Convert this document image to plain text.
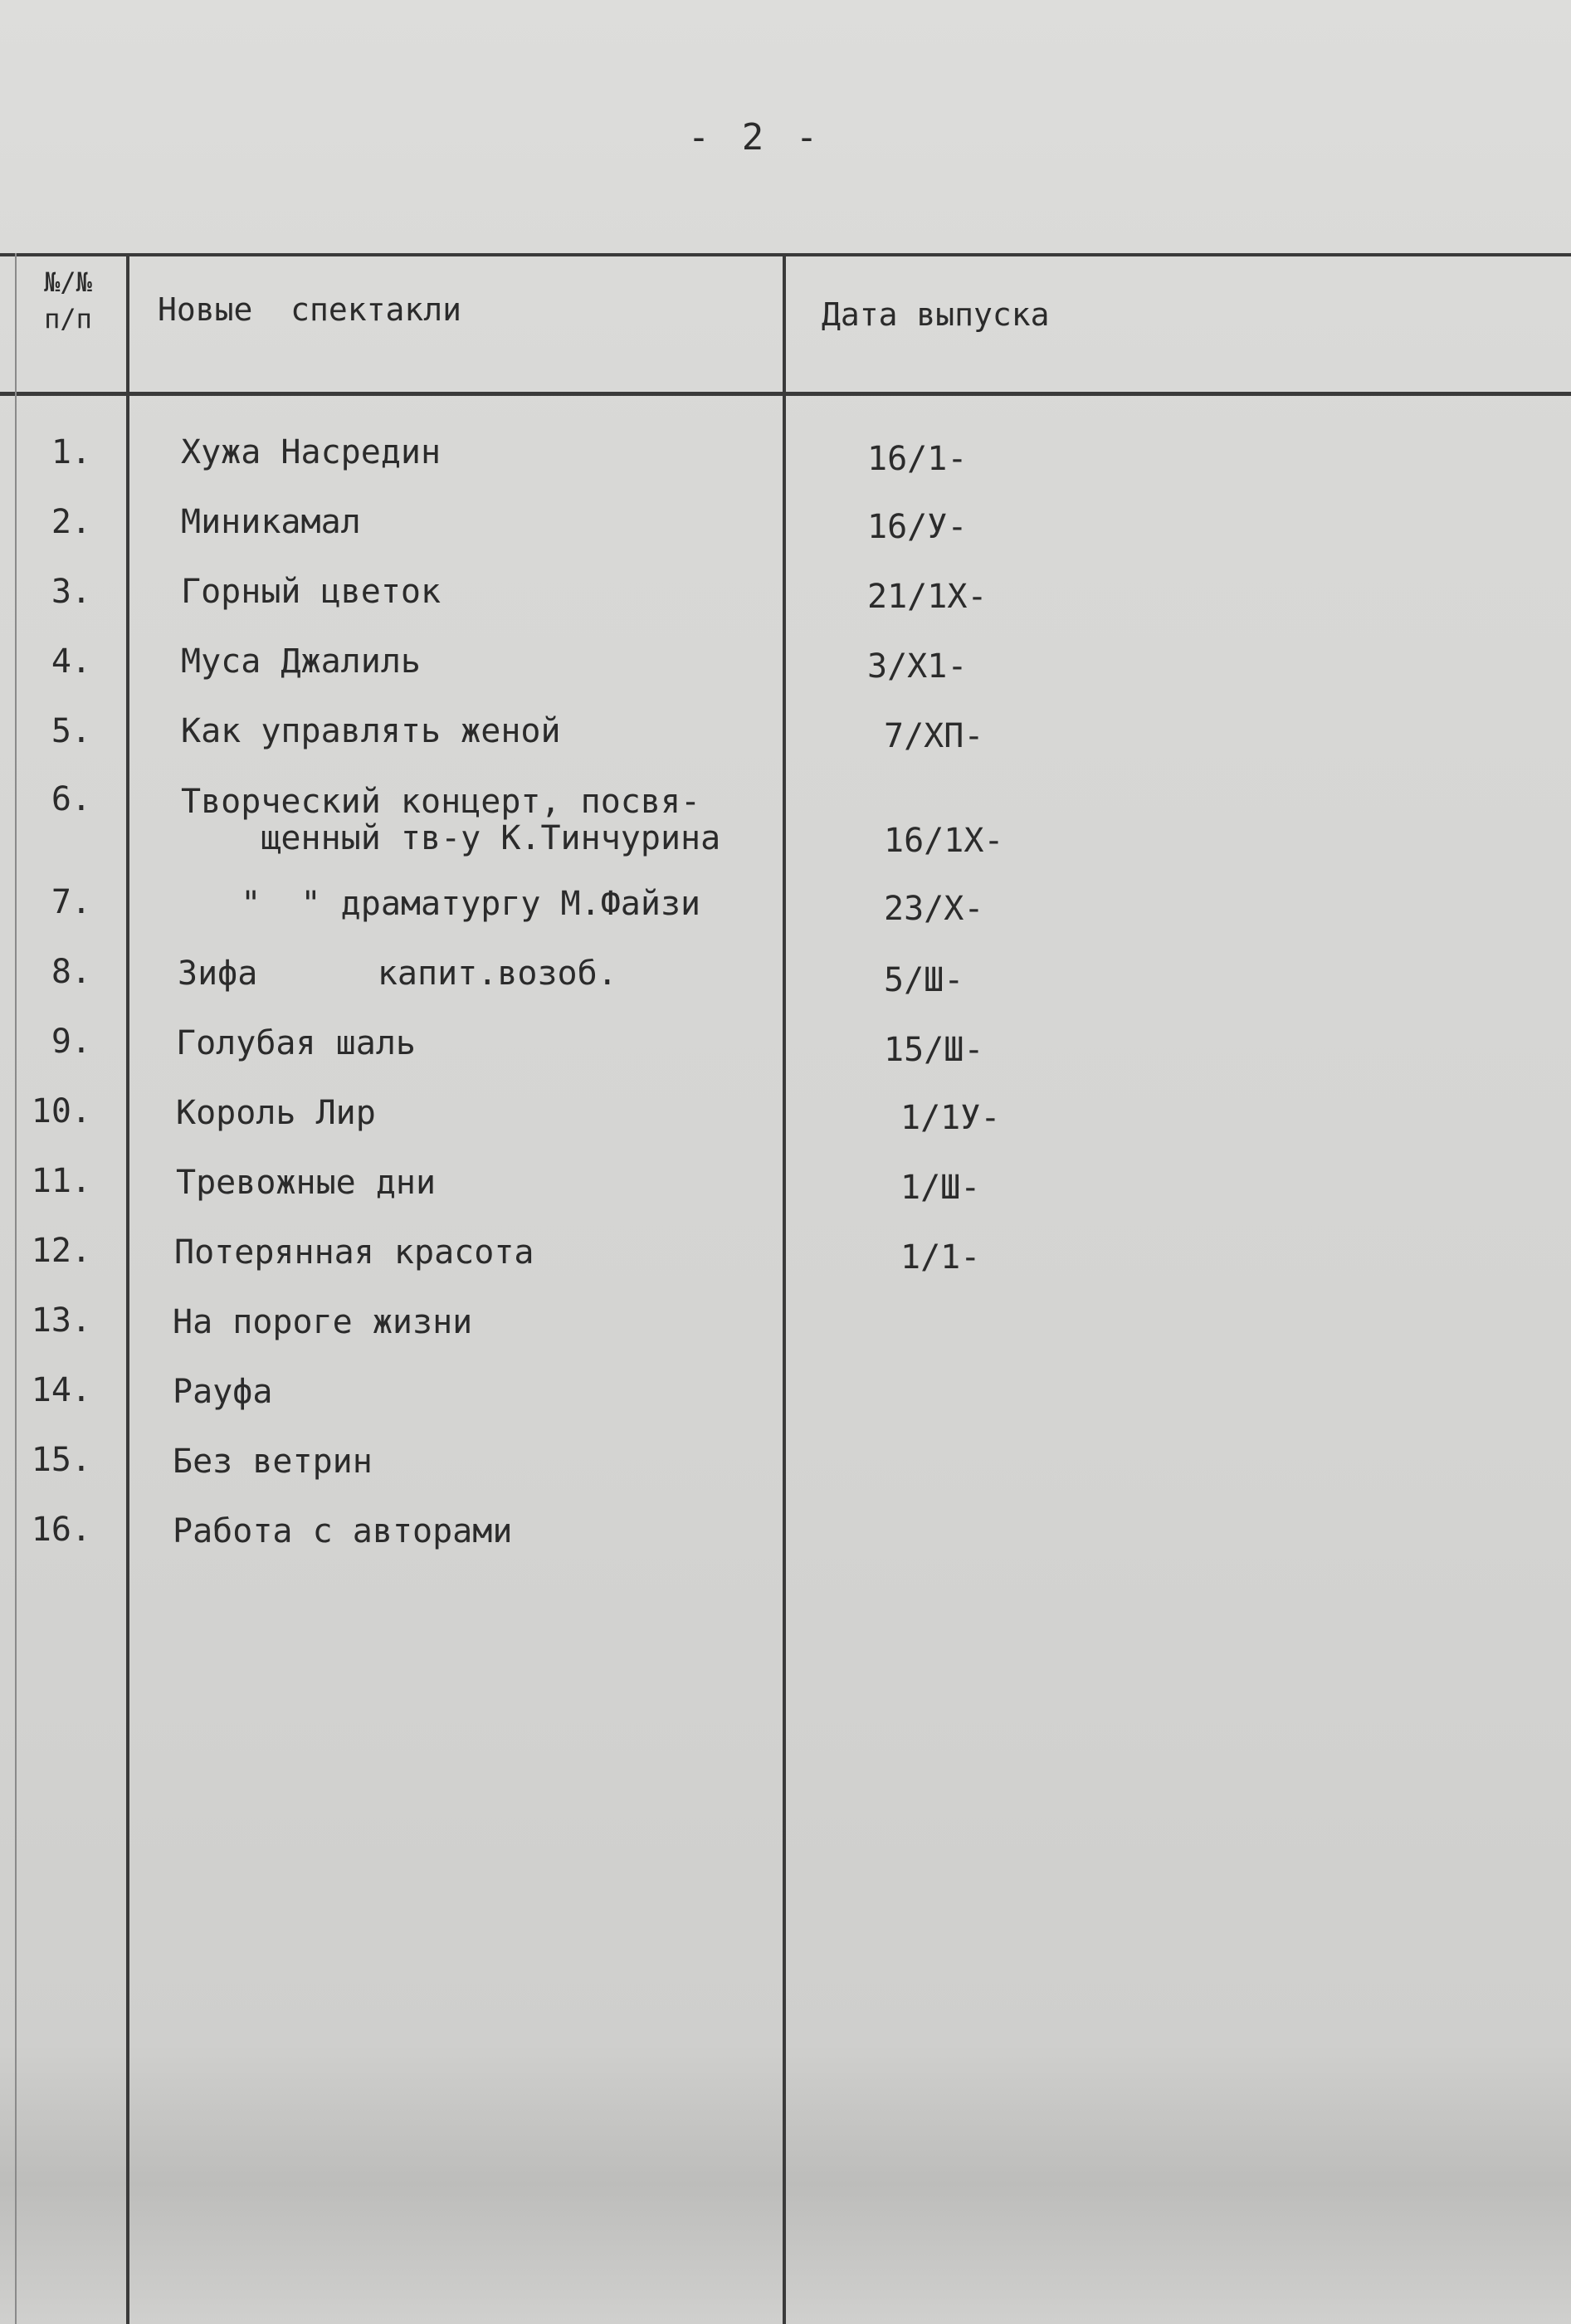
- 2 -
№/№
п/п	Новые  спектакли	Дата выпуска
1.	Хужа Насредин	16/1-
2.	Миникамал	16/У-
3.	Горный цветок	21/1Х-
4.	Муса Джалиль	3/Х1-
5.	Как управлять женой	7/ХП-
6.	Творческий концерт, посвя-
щенный тв-у К.Тинчурина	16/1Х-
7.	"  " драматургу М.Файзи	23/Х-
8.	Зифа      капит.возоб.	5/Ш-
9.	Голубая шаль	15/Ш-
10.	Король Лир	1/1У-
11.	Тревожные дни	1/Ш-
12.	Потерянная красота	1/1-
13. На пороге жизни
14. Рауфа
15. Без ветрин
16. Работа с авторами
